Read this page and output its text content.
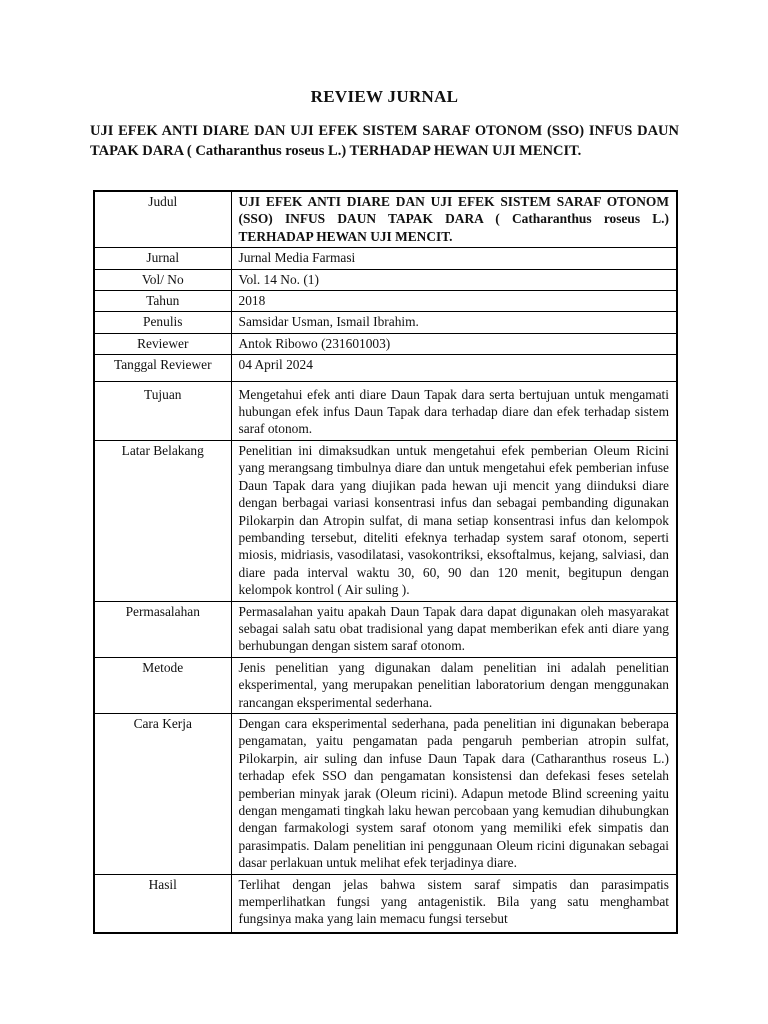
REVIEW JURNAL

UJI EFEK ANTI DIARE DAN UJI EFEK SISTEM SARAF OTONOM (SSO) INFUS DAUN TAPAK DARA ( Catharanthus roseus L.) TERHADAP HEWAN UJI MENCIT.

Judul	UJI EFEK ANTI DIARE DAN UJI EFEK SISTEM SARAF OTONOM (SSO) INFUS DAUN TAPAK DARA ( Catharanthus roseus L.) TERHADAP HEWAN UJI MENCIT.
Jurnal	Jurnal Media Farmasi
Vol/ No	Vol. 14 No. (1)
Tahun	2018
Penulis	Samsidar Usman, Ismail Ibrahim.
Reviewer	Antok Ribowo (231601003)
Tanggal Reviewer	04 April 2024
Tujuan	Mengetahui efek anti diare Daun Tapak dara serta bertujuan untuk mengamati hubungan efek infus Daun Tapak dara terhadap diare dan efek terhadap sistem saraf otonom.
Latar Belakang	Penelitian ini dimaksudkan untuk mengetahui efek pemberian Oleum Ricini yang merangsang timbulnya diare dan untuk mengetahui efek pemberian infuse Daun Tapak dara yang diujikan pada hewan uji mencit yang diinduksi diare dengan berbagai variasi konsentrasi infus dan sebagai pembanding digunakan Pilokarpin dan Atropin sulfat, di mana setiap konsentrasi infus dan kelompok pembanding tersebut, diteliti efeknya terhadap system saraf otonom, seperti miosis, midriasis, vasodilatasi, vasokontriksi, eksoftalmus, kejang, salviasi, dan diare pada interval waktu 30, 60, 90 dan 120 menit, begitupun dengan kelompok kontrol ( Air suling ).
Permasalahan	Permasalahan yaitu apakah Daun Tapak dara dapat digunakan oleh masyarakat sebagai salah satu obat tradisional yang dapat memberikan efek anti diare yang berhubungan dengan sistem saraf otonom.
Metode	Jenis penelitian yang digunakan dalam penelitian ini adalah penelitian eksperimental, yang merupakan penelitian laboratorium dengan menggunakan rancangan eksperimental sederhana.
Cara Kerja	Dengan cara eksperimental sederhana, pada penelitian ini digunakan beberapa pengamatan, yaitu pengamatan pada pengaruh pemberian atropin sulfat, Pilokarpin, air suling dan infuse Daun Tapak dara (Catharanthus roseus L.) terhadap efek SSO dan pengamatan konsistensi dan defekasi feses setelah pemberian minyak jarak (Oleum ricini). Adapun metode Blind screening yaitu dengan mengamati tingkah laku hewan percobaan yang kemudian dihubungkan dengan farmakologi system saraf otonom yang memiliki efek simpatis dan parasimpatis. Dalam penelitian ini penggunaan Oleum ricini digunakan sebagai dasar perlakuan untuk melihat efek terjadinya diare.
Hasil	Terlihat dengan jelas bahwa sistem saraf simpatis dan parasimpatis memperlihatkan fungsi yang antagenistik. Bila yang satu menghambat fungsinya maka yang lain memacu fungsi tersebut
